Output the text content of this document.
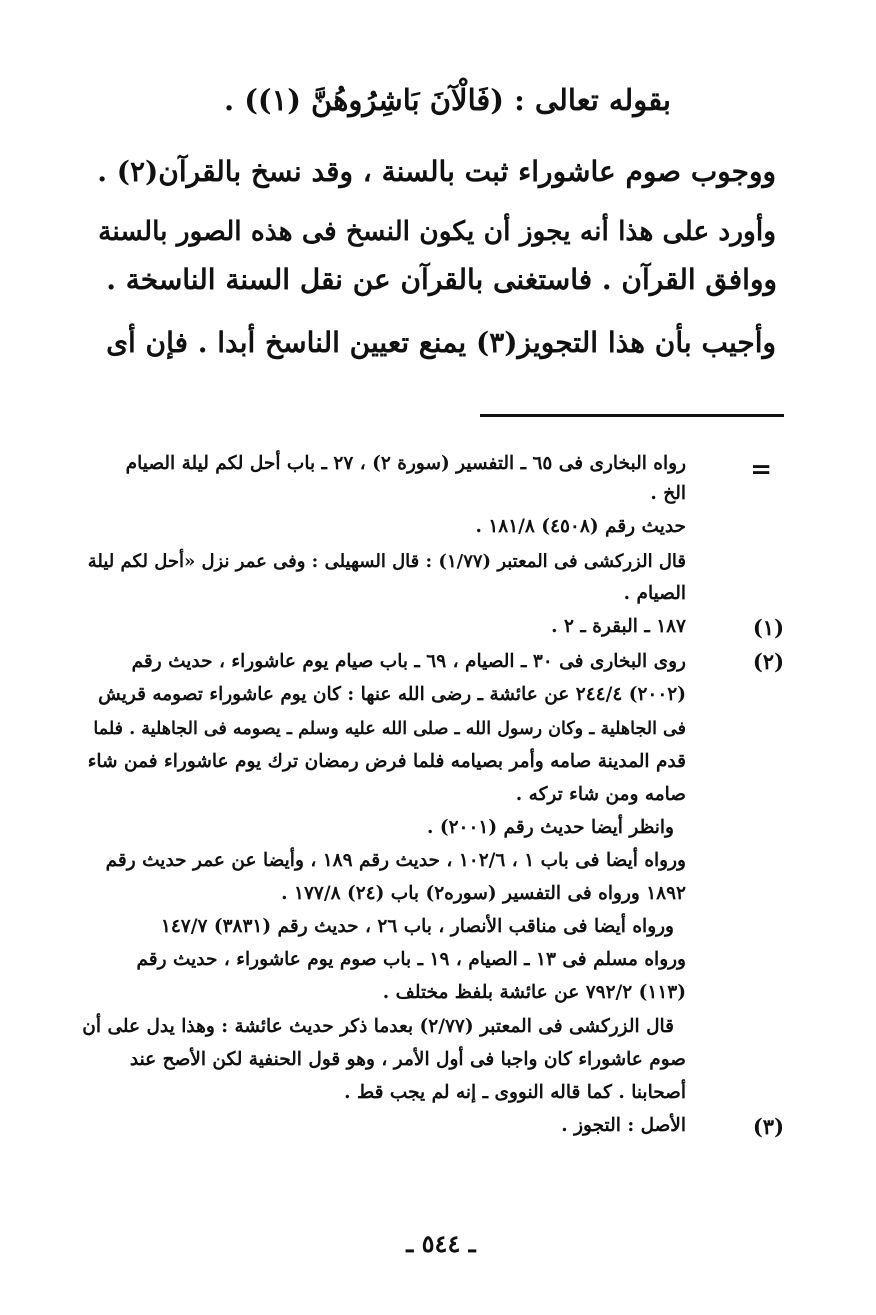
بقوله تعالى : (فَالْآنَ بَاشِرُوهُنَّ (١)) .
ووجوب صوم عاشوراء ثبت بالسنة ، وقد نسخ بالقرآن(٢) .
وأورد على هذا أنه يجوز أن يكون النسخ فى هذه الصور بالسنة
ووافق القرآن . فاستغنى بالقرآن عن نقل السنة الناسخة .
وأجيب بأن هذا التجويز(٣) يمنع تعيين الناسخ أبدا . فإن أى
=
رواه البخارى فى ٦٥ ـ التفسير (سورة ٢) ، ٢٧ ـ باب أحل لكم ليلة الصيام
الخ .
حديث رقم (٤٥٠٨) ١٨١/٨ .
قال الزركشى فى المعتبر (١/٧٧) : قال السهيلى : وفى عمر نزل «أحل لكم ليلة
الصيام .
(١)
١٨٧ ـ البقرة ـ ٢ .
(٢)
روى البخارى فى ٣٠ ـ الصيام ، ٦٩ ـ باب صيام يوم عاشوراء ، حديث رقم
(٢٠٠٢) ٢٤٤/٤ عن عائشة ـ رضى الله عنها : كان يوم عاشوراء تصومه قريش
فى الجاهلية ـ وكان رسول الله ـ صلى الله عليه وسلم ـ يصومه فى الجاهلية . فلما
قدم المدينة صامه وأمر بصيامه فلما فرض رمضان ترك يوم عاشوراء فمن شاء
صامه ومن شاء تركه .
وانظر أيضا حديث رقم (٢٠٠١) .
ورواه أيضا فى باب ١ ، ١٠٢/٦ ، حديث رقم ١٨٩ ، وأيضا عن عمر حديث رقم
١٨٩٢ ورواه فى التفسير (سوره٢) باب (٢٤) ١٧٧/٨ .
ورواه أيضا فى مناقب الأنصار ، باب ٢٦ ، حديث رقم (٣٨٣١) ١٤٧/٧
ورواه مسلم فى ١٣ ـ الصيام ، ١٩ ـ باب صوم يوم عاشوراء ، حديث رقم
(١١٣) ٧٩٢/٢ عن عائشة بلفظ مختلف .
قال الزركشى فى المعتبر (٢/٧٧) بعدما ذكر حديث عائشة : وهذا يدل على أن
صوم عاشوراء كان واجبا فى أول الأمر ، وهو قول الحنفية لكن الأصح عند
أصحابنا . كما قاله النووى ـ إنه لم يجب قط .
(٣)
الأصل : التجوز .
ـ ٥٤٤ ـ
